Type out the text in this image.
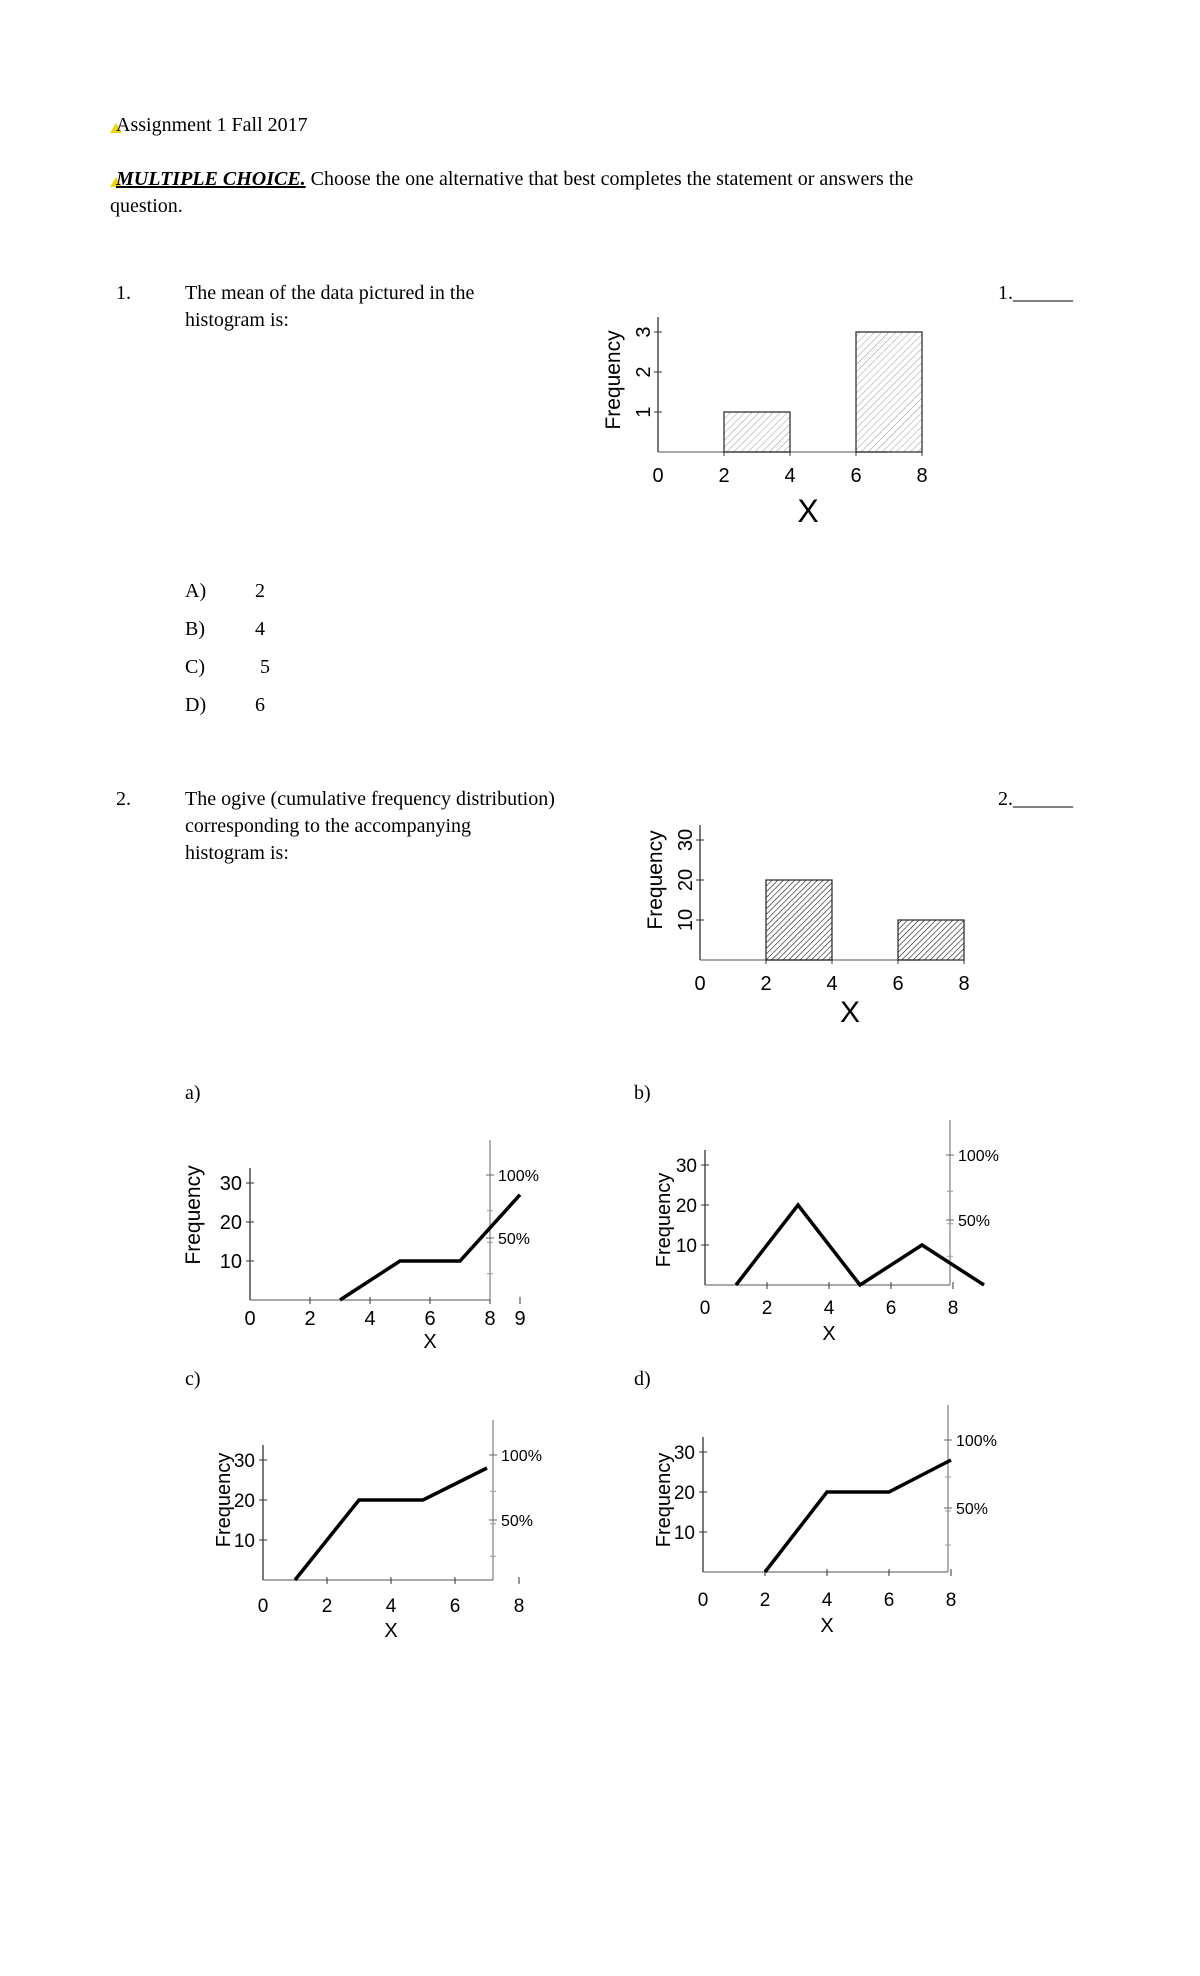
Assignment 1 Fall 2017
MULTIPLE CHOICE. Choose the one alternative that best completes the statement or answers the
question.
1.	The mean of the data pictured in the
histogram is:
1.______
1
2
3
0	2	4	6	8
Frequency
X
A)	2
B)	4
C)	5
D)	6
2.	The ogive (cumulative frequency distribution)
corresponding to the accompanying
histogram is:
2.______
10
20
30
0	2	4	6	8
Frequency
X
a)	b)
c)	d)
10
20
30
0 2 4 6 8 9
Frequency
X
100%
50%	10
20
30
0	2	4	6	8
Frequency
X
100%
50%
10
20
30
0	2	4	6	8
Frequency
X
100%
50%
10
20
30
0	2	4	6	8
Frequency
X
100%
50%
